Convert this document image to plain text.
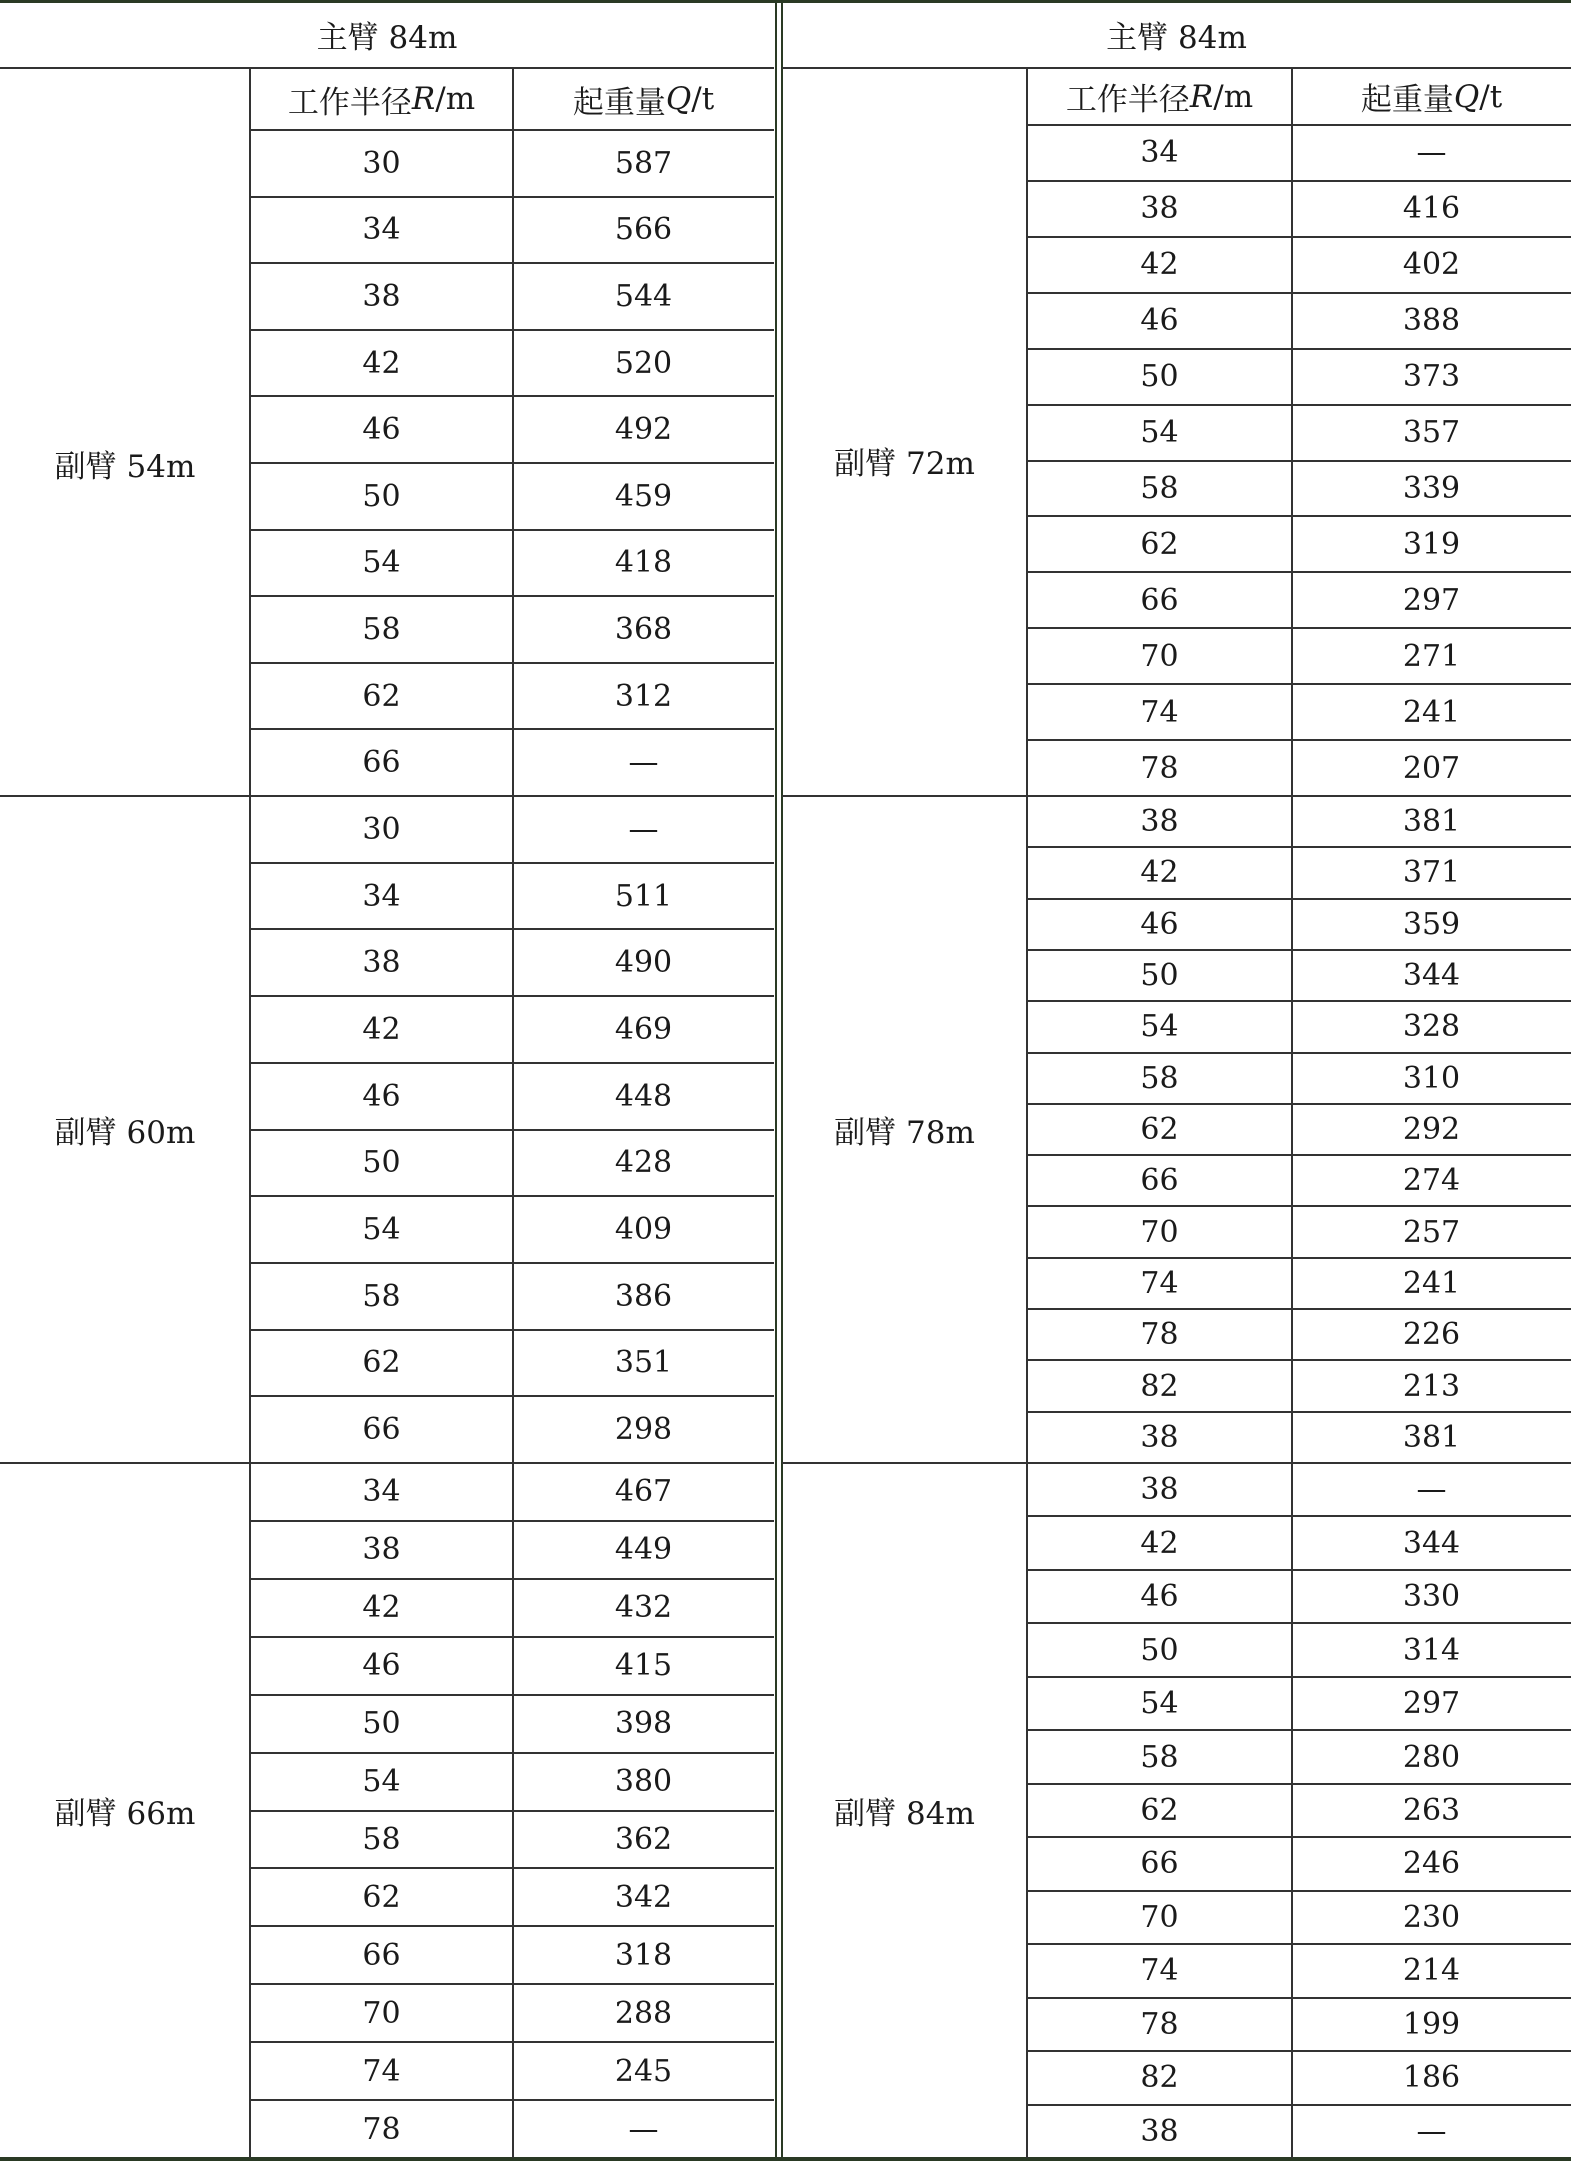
主臂 84m
工作半径 R /m	起重量 Q /t
副臂 54m
30	587
34	566
38	544
42	520
46	492
50	459
54	418
58	368
62	312
66	—
副臂 60m
30	—
34	511
38	490
42	469
46	448
50	428
54	409
58	386
62	351
66	298
副臂 66m
34	467
38	449
42	432
46	415
50	398
54	380
58	362
62	342
66	318
70	288
74	245
78	—
主臂 84m
工作半径 R /m	起重量 Q /t
副臂 72m
34	—
38	416
42	402
46	388
50	373
54	357
58	339
62	319
66	297
70	271
74	241
78	207
副臂 78m
38	381
42	371
46	359
50	344
54	328
58	310
62	292
66	274
70	257
74	241
78	226
82	213
38	381
副臂 84m
38	—
42	344
46	330
50	314
54	297
58	280
62	263
66	246
70	230
74	214
78	199
82	186
38	—
